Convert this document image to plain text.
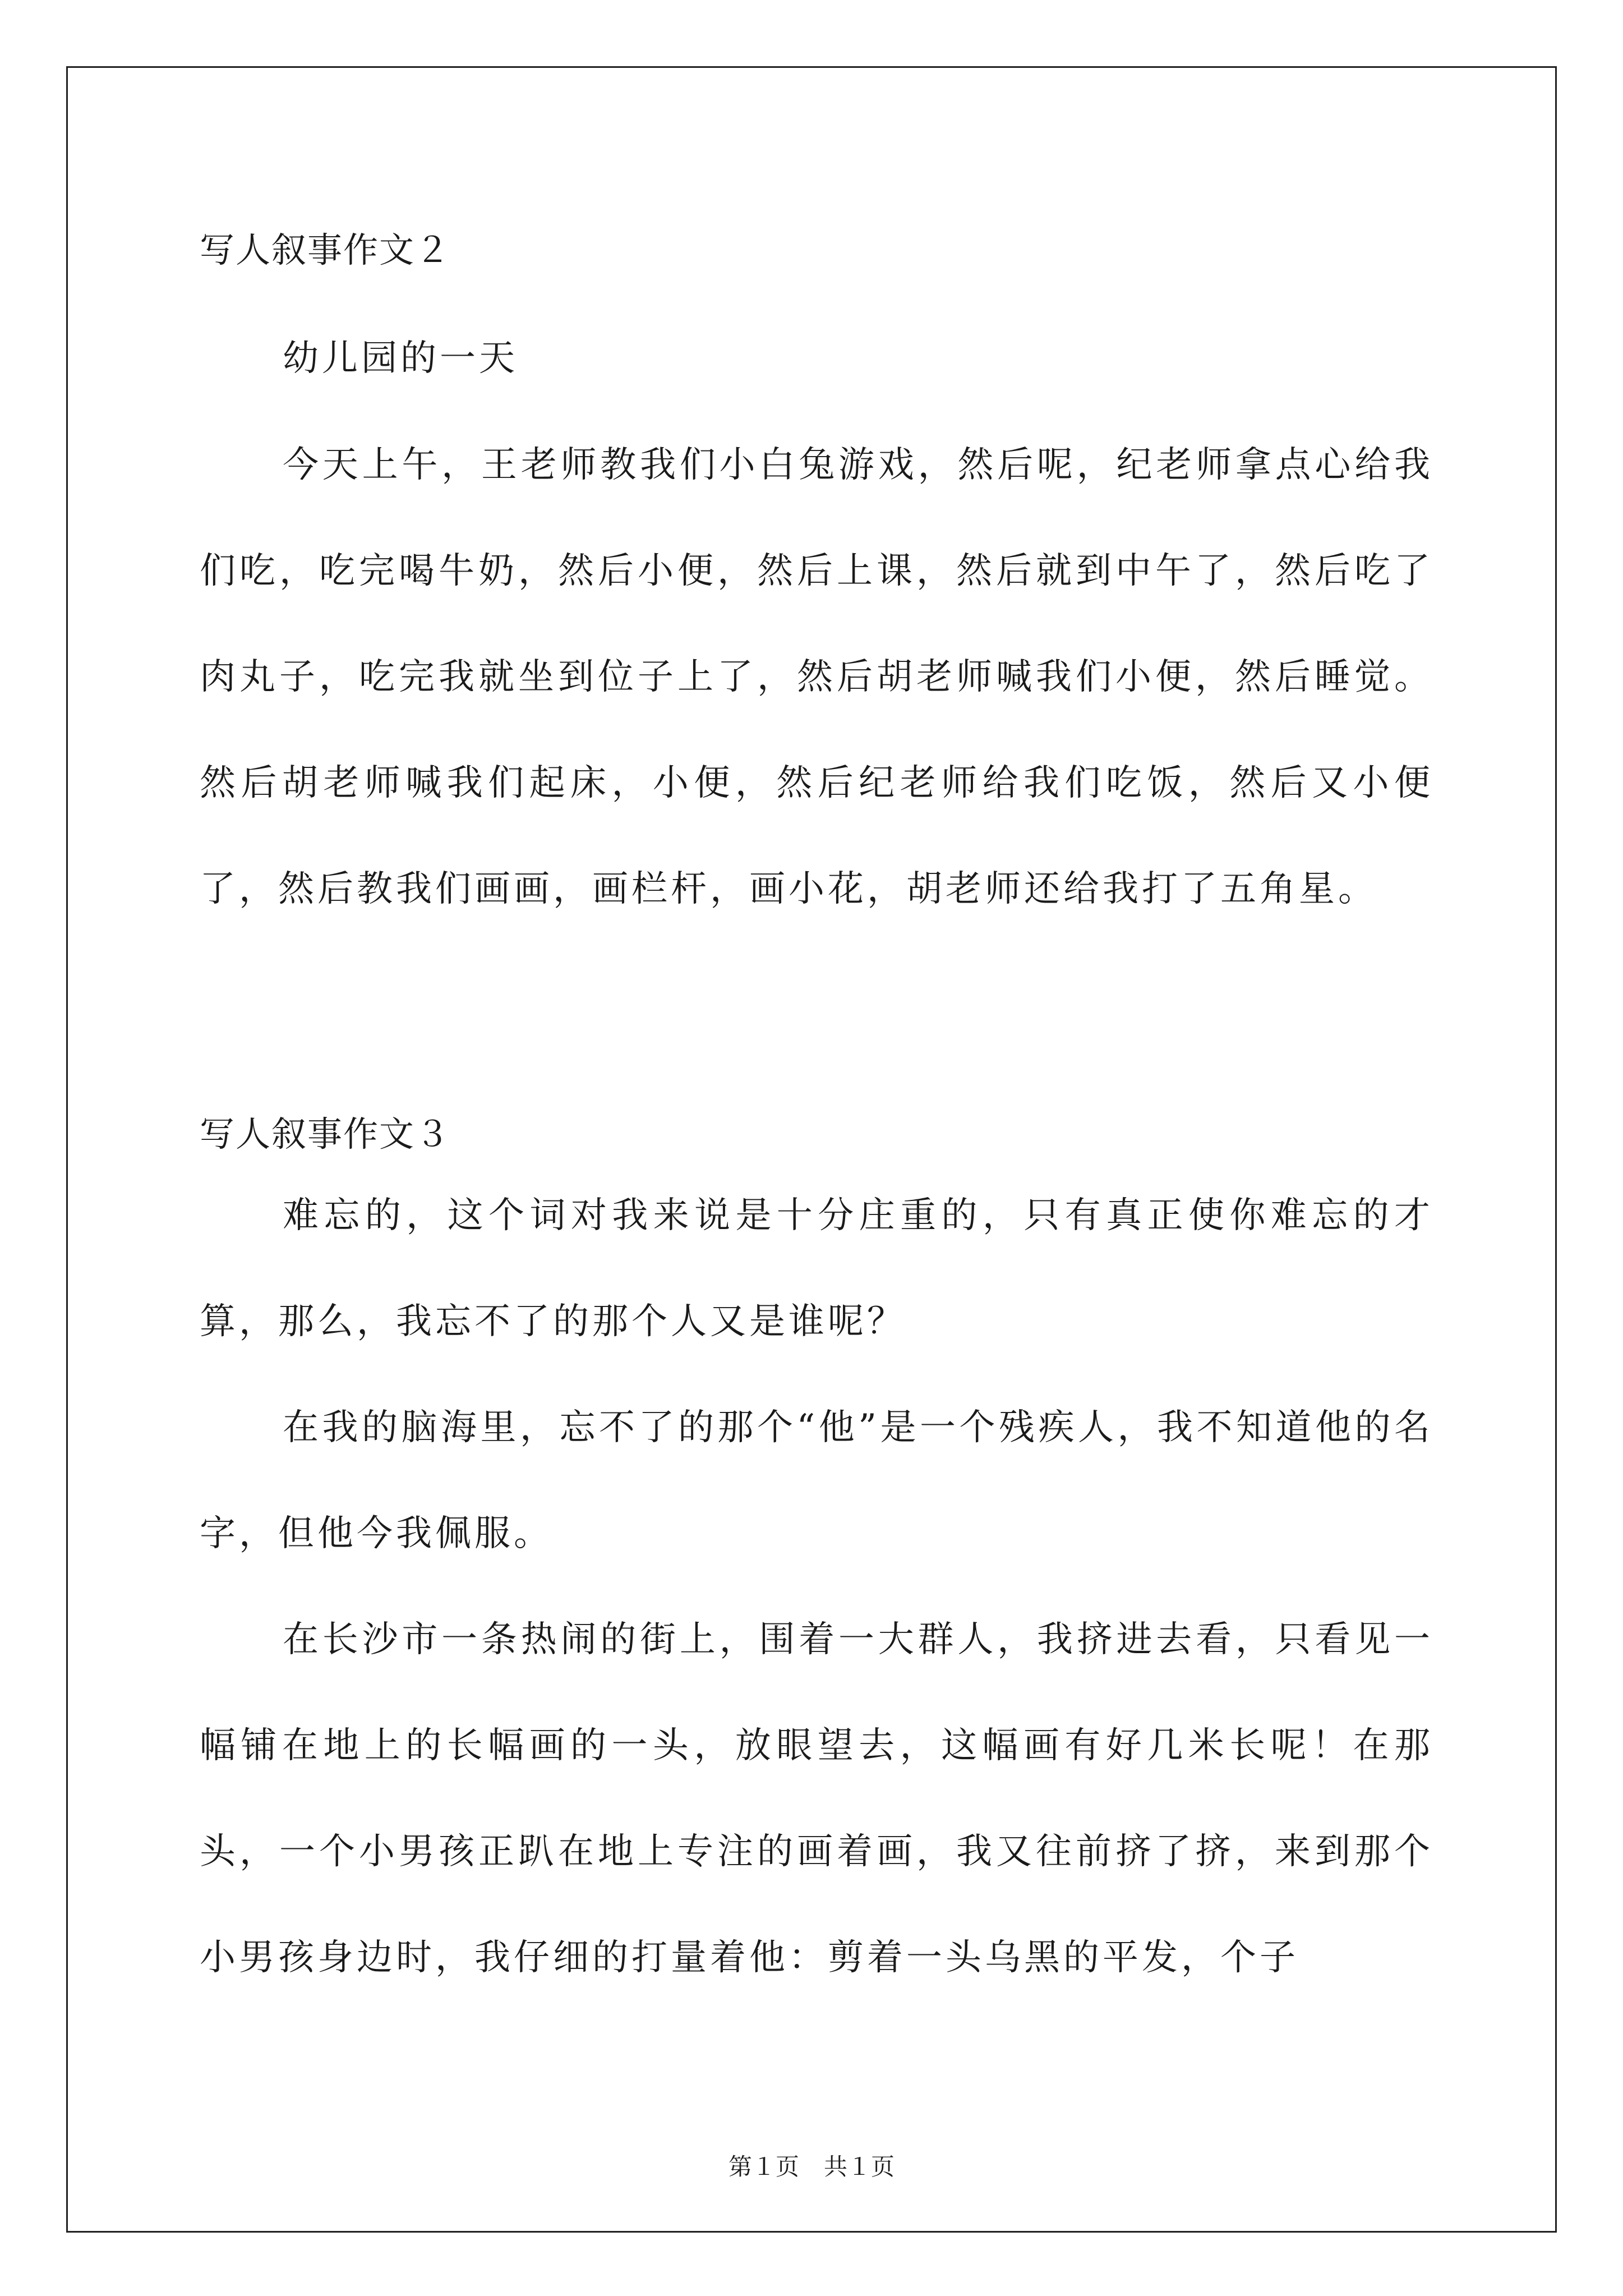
写人叙事作文２
幼儿园的一天
今天上午，王老师教我们小白兔游戏，然后呢，纪老师拿点心给我们吃，吃完喝牛奶，然后小便，然后上课，然后就到中午了，然后吃了肉丸子，吃完我就坐到位子上了，然后胡老师喊我们小便，然后睡觉。然后胡老师喊我们起床，小便，然后纪老师给我们吃饭，然后又小便了，然后教我们画画，画栏杆，画小花，胡老师还给我打了五角星。
写人叙事作文３
难忘的，这个词对我来说是十分庄重的，只有真正使你难忘的才算，那么，我忘不了的那个人又是谁呢？
在我的脑海里，忘不了的那个“他”是一个残疾人，我不知道他的名字，但他今我佩服。
在长沙市一条热闹的街上，围着一大群人，我挤进去看，只看见一幅铺在地上的长幅画的一头，放眼望去，这幅画有好几米长呢！在那头，一个小男孩正趴在地上专注的画着画，我又往前挤了挤，来到那个小男孩身边时，我仔细的打量着他：剪着一头乌黑的平发，个子
第１页 共１页
